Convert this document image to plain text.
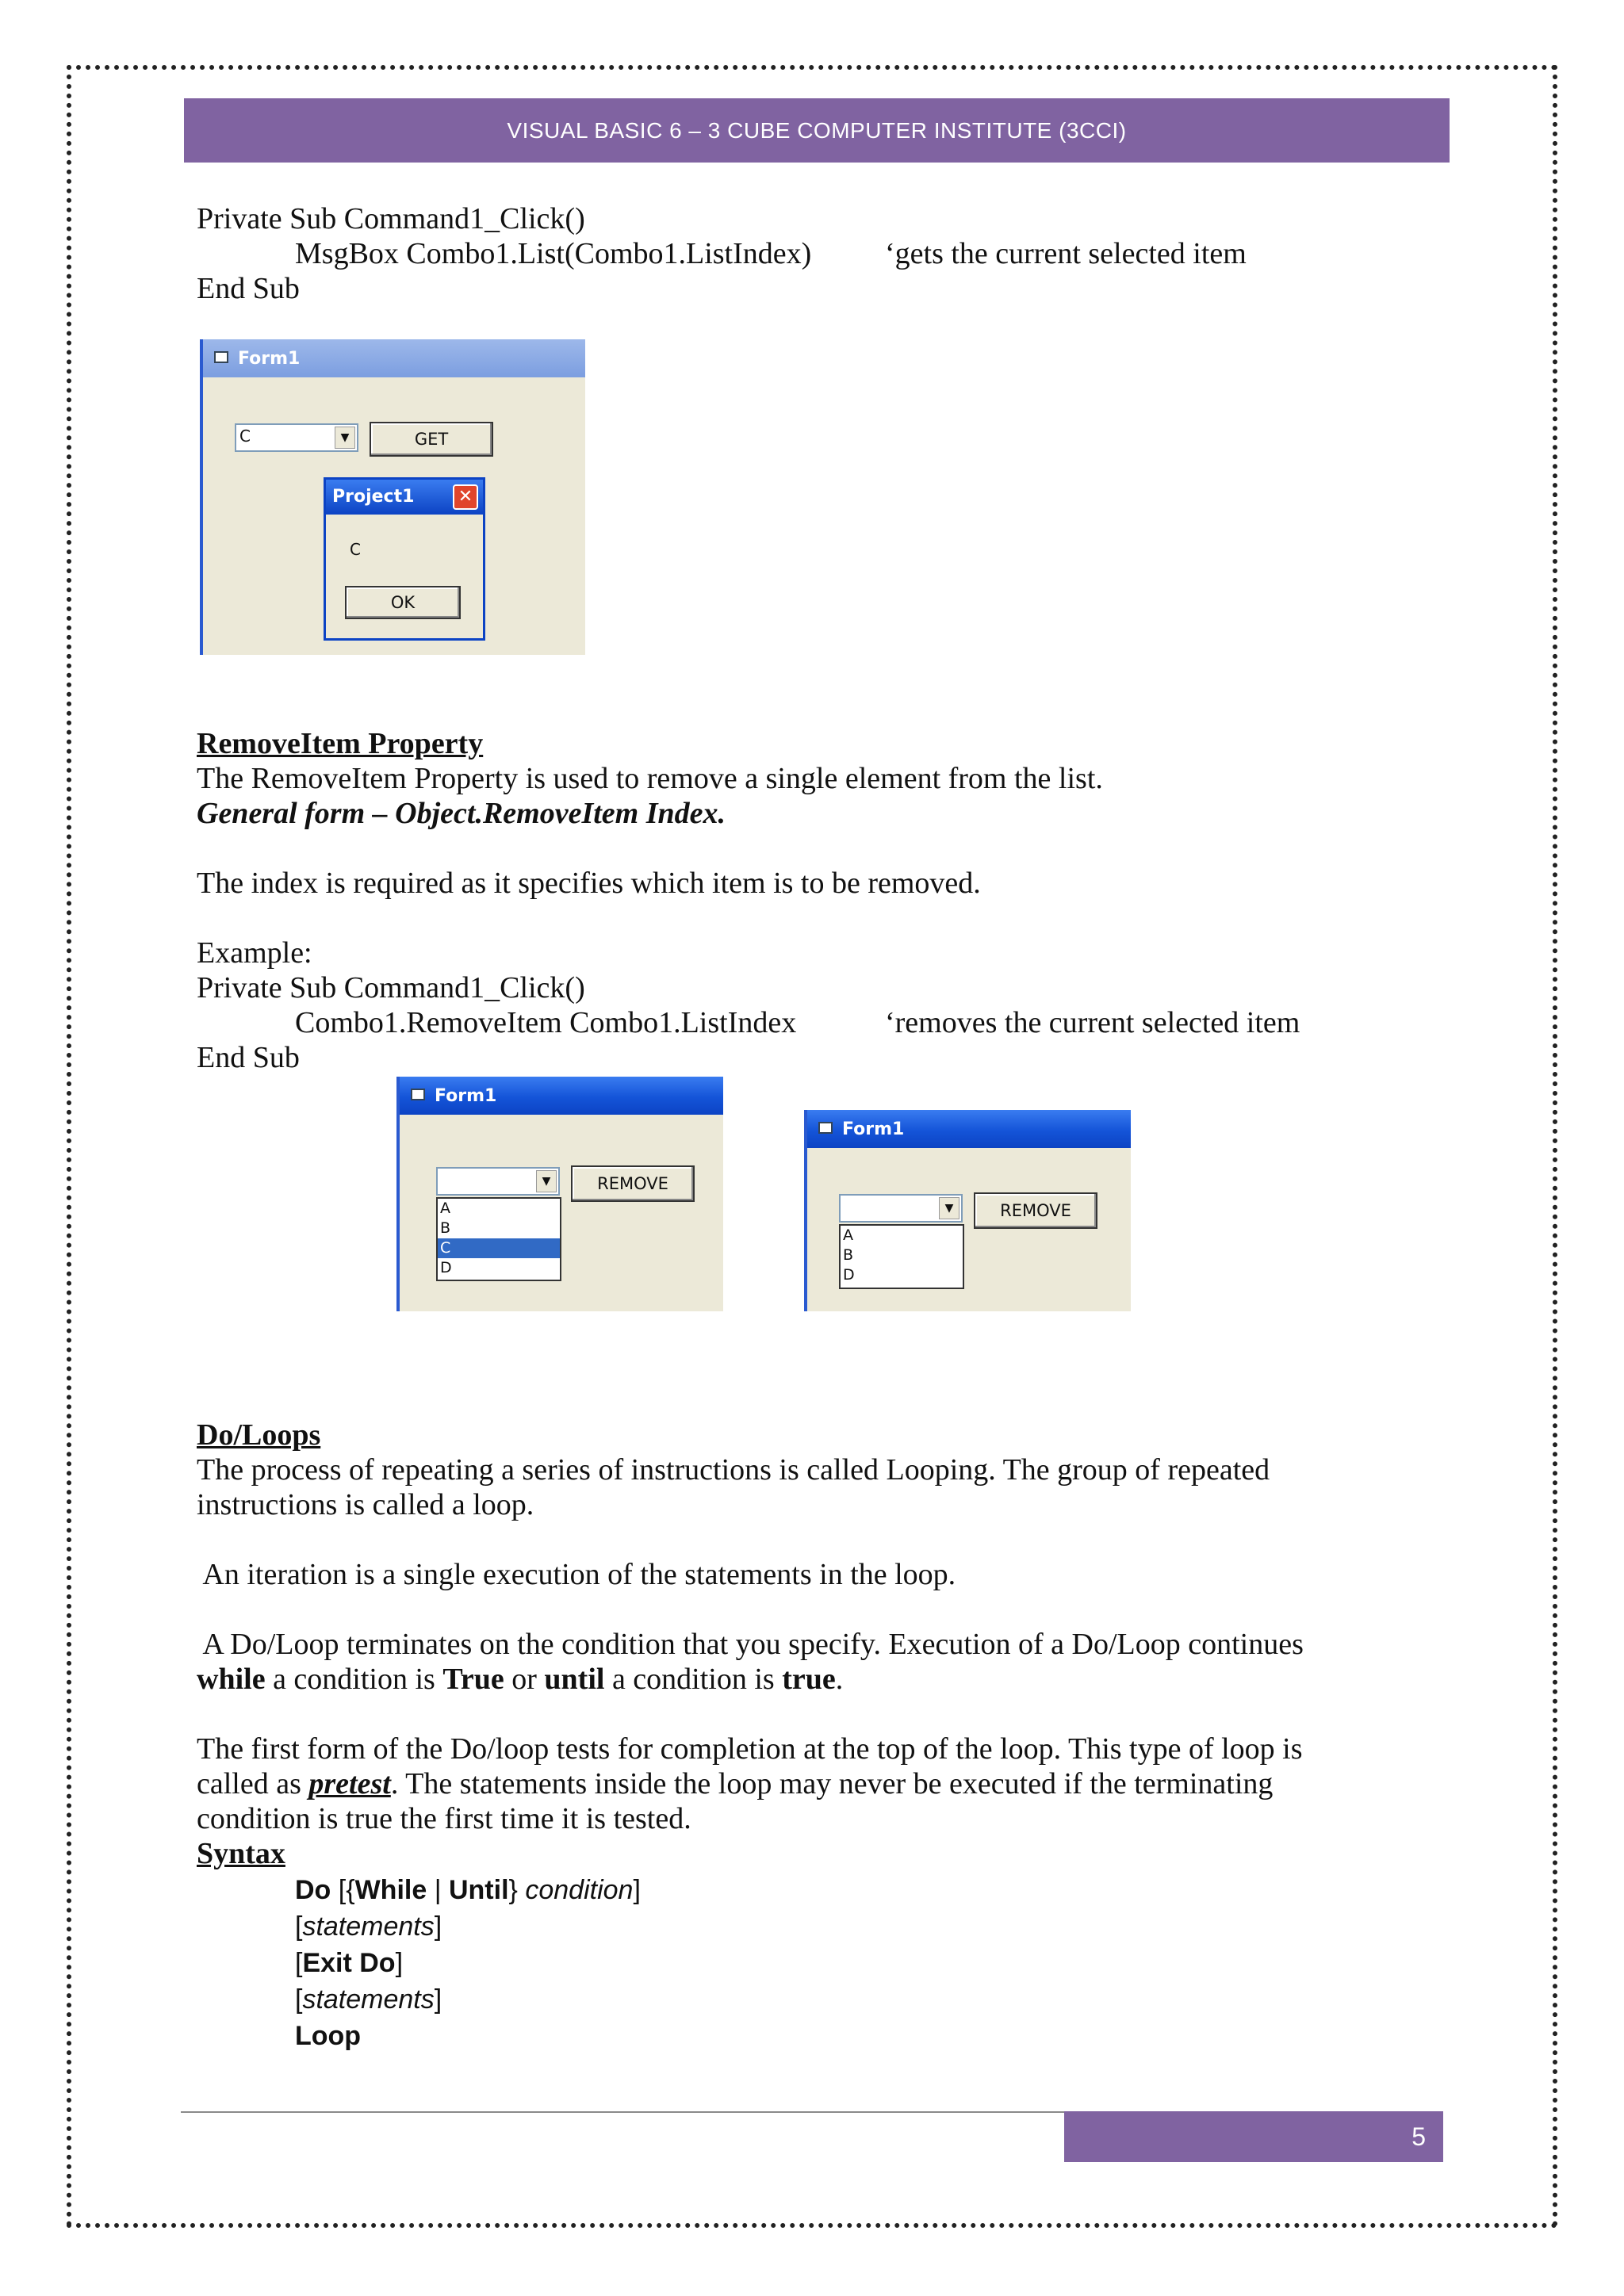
VISUAL BASIC 6 – 3 CUBE COMPUTER INSTITUTE (3CCI)
Private Sub Command1_Click()
MsgBox Combo1.List(Combo1.ListIndex) ‘gets the current selected item
End Sub
Form1
C	▼	GET
Project1	✕
C
OK
RemoveItem Property
The RemoveItem Property is used to remove a single element from the list.
General form – Object.RemoveItem Index.
The index is required as it specifies which item is to be removed.
Example:
Private Sub Command1_Click()
Combo1.RemoveItem Combo1.ListIndex	‘removes the current selected item
End Sub
Form1
▼	REMOVE
A
B
C
D
Form1
▼	REMOVE
A
B
D
Do/Loops
The process of repeating a series of instructions is called Looping. The group of repeated
instructions is called a loop.
An iteration is a single execution of the statements in the loop.
A Do/Loop terminates on the condition that you specify. Execution of a Do/Loop continues
while a condition is True or until a condition is true.
The first form of the Do/loop tests for completion at the top of the loop. This type of loop is
called as pretest. The statements inside the loop may never be executed if the terminating
condition is true the first time it is tested.
Syntax
Do [{While | Until} condition]
[statements]
[Exit Do]
[statements]
Loop
5
